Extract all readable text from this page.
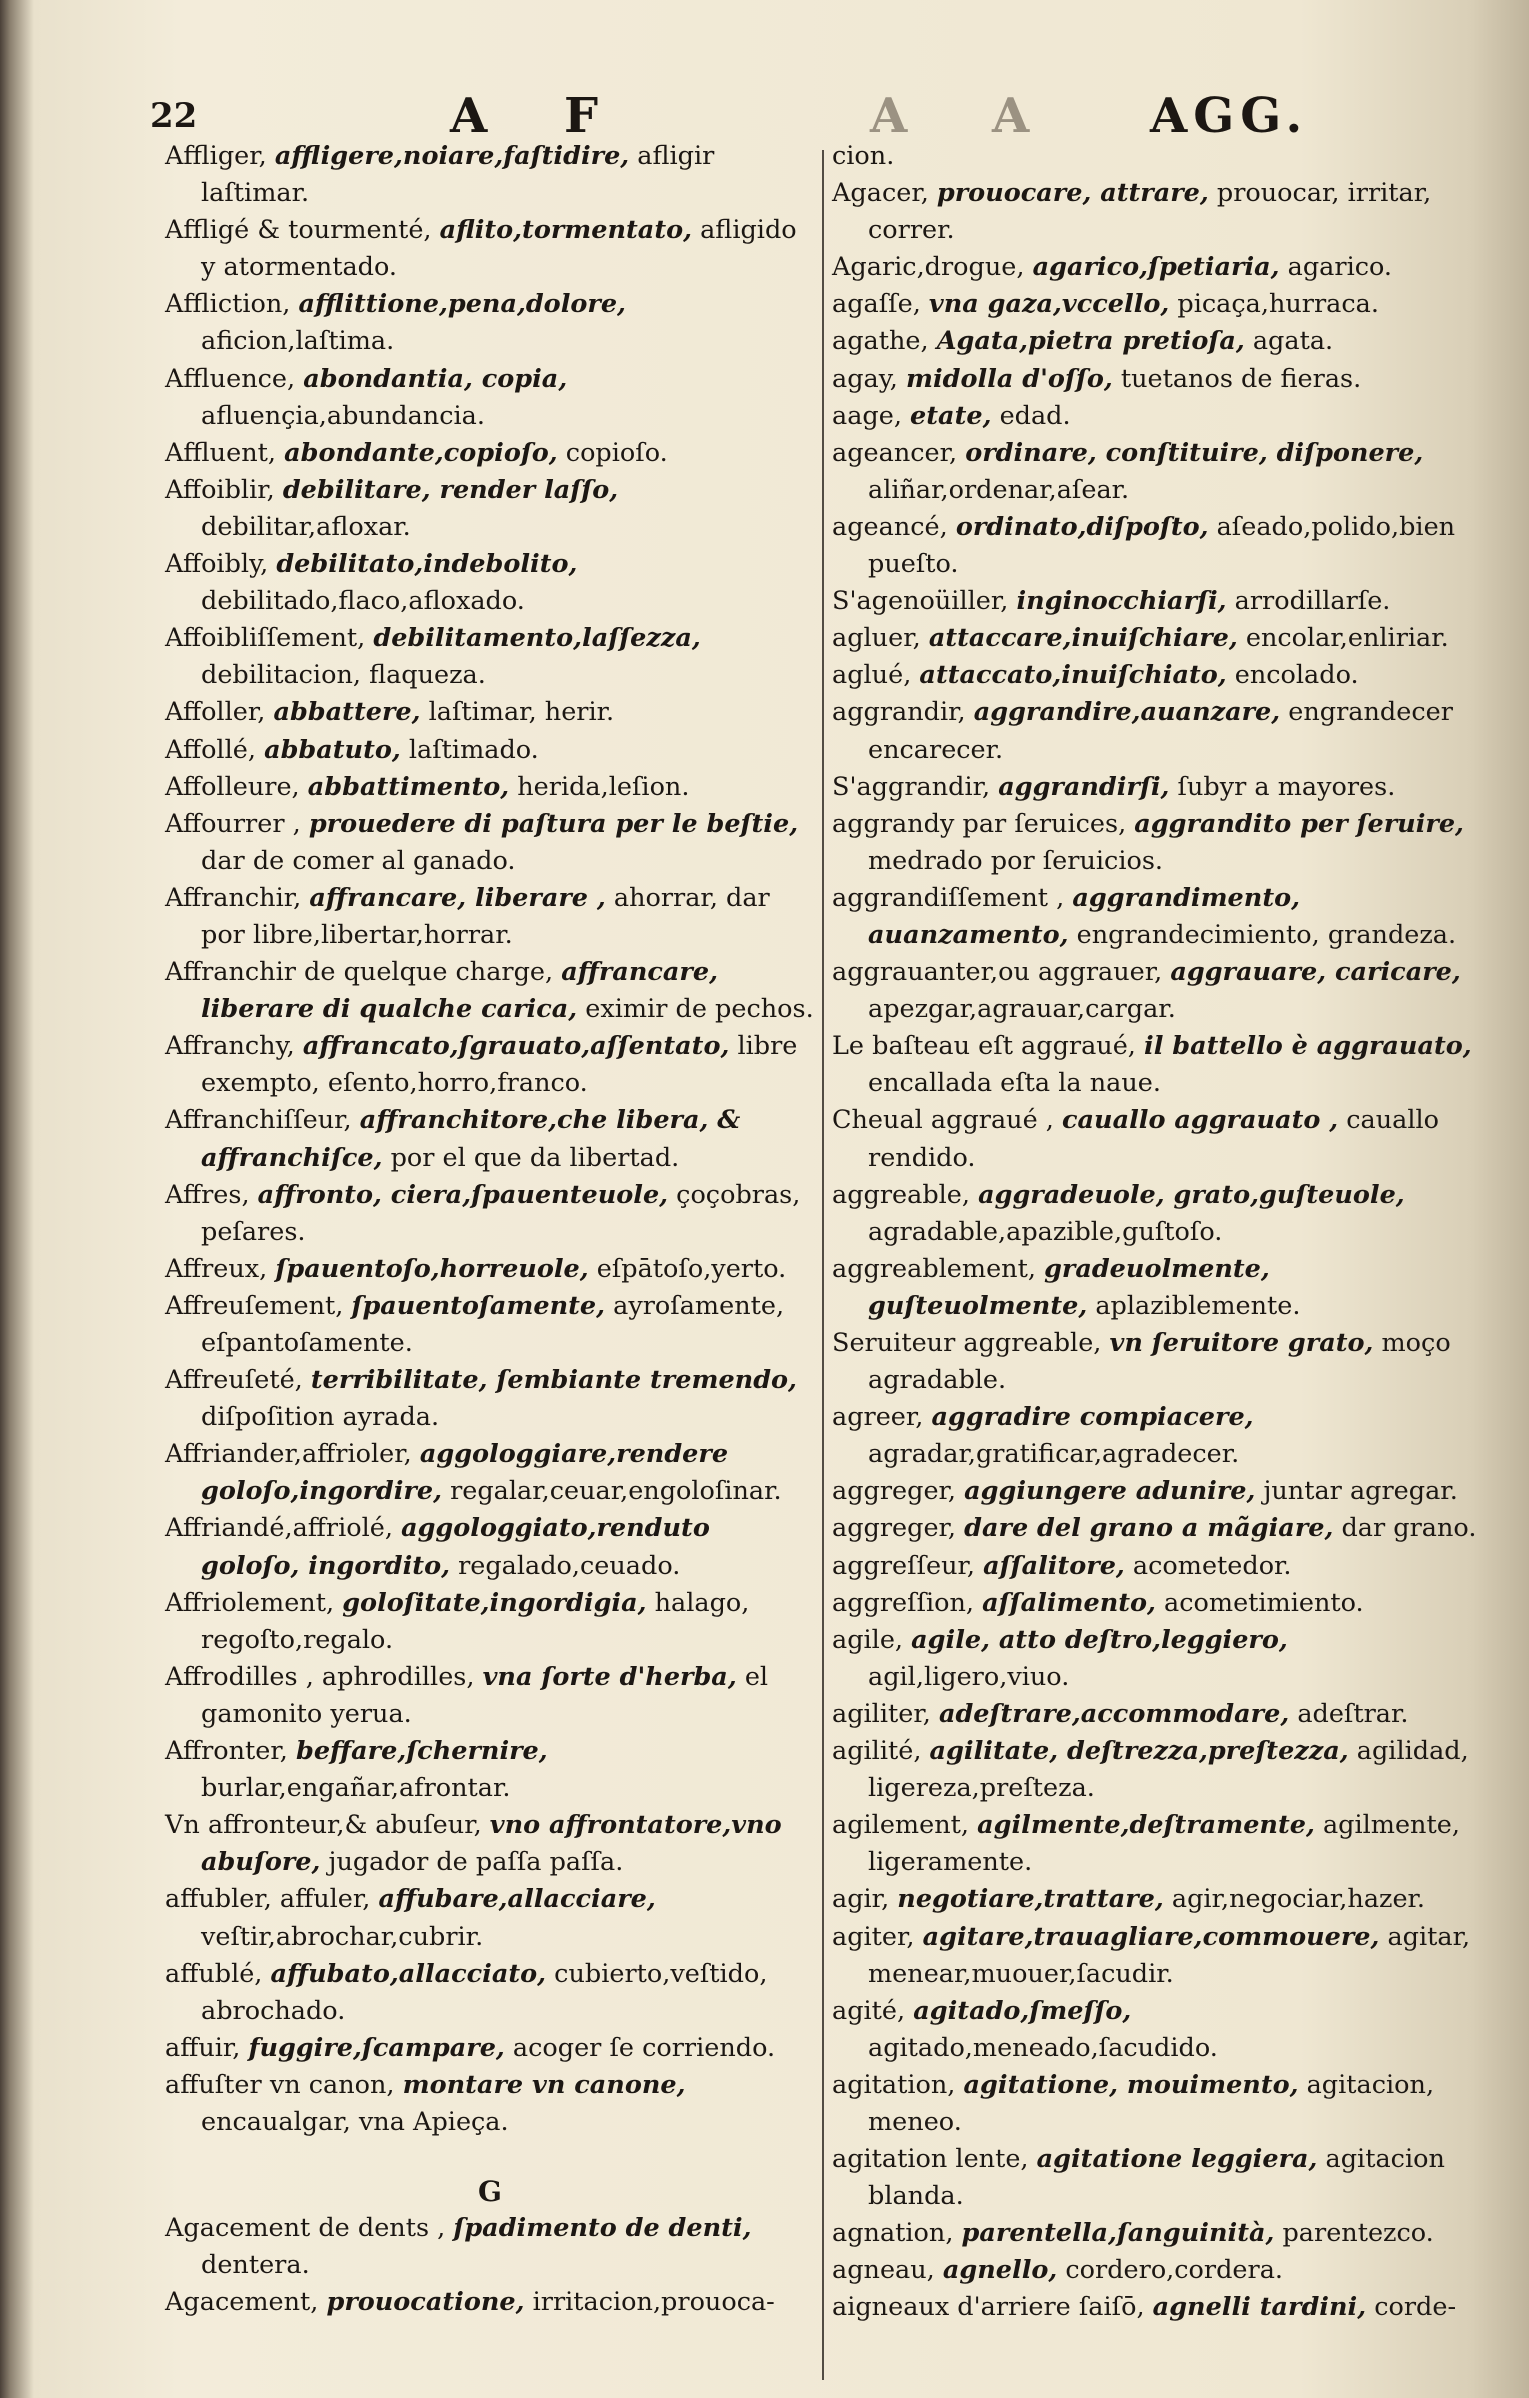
22	A F	A A AGG.

Affliger, affligere,noiare,faſtidire, afligir laſtimar.

Affligé & tourmenté, aflito,tormentato, afligido y atormentado.

Affliction, afflittione,pena,dolore, aficion,laſtima.

Affluence, abondantia, copia, afluençia,abundancia.

Affluent, abondante,copioſo, copioſo.

Affoiblir, debilitare, render laſſo, debilitar,afloxar.

Affoibly, debilitato,indebolito, debilitado,flaco,afloxado.

Affoibliſſement, debilitamento,laſſezza, debilitacion, flaqueza.

Affoller, abbattere, laſtimar, herir.

Affollé, abbatuto, laſtimado.

Affolleure, abbattimento, herida,leſion.

Affourrer , prouedere di paſtura per le beſtie, dar de comer al ganado.

Affranchir, affrancare, liberare , ahorrar, dar por libre,libertar,horrar.

Affranchir de quelque charge, affrancare, liberare di qualche carica, eximir de pechos.

Affranchy, affrancato,ſgrauato,aſſentato, libre exempto, eſento,horro,franco.

Affranchiſſeur, affranchitore,che libera, & affranchiſce, por el que da libertad.

Affres, affronto, ciera,ſpauenteuole, çoçobras, peſares.

Affreux, ſpauentoſo,horreuole, eſpātoſo,yerto.

Affreuſement, ſpauentoſamente, ayroſamente, eſpantoſamente.

Affreuſeté, terribilitate, ſembiante tremendo, diſpoſition ayrada.

Affriander,affrioler, aggologgiare,rendere goloſo,ingordire, regalar,ceuar,engoloſinar.

Affriandé,affriolé, aggologgiato,renduto goloſo, ingordito, regalado,ceuado.

Affriolement, goloſitate,ingordigia, halago, regoſto,regalo.

Affrodilles , aphrodilles, vna ſorte d'herba, el gamonito yerua.

Affronter, beffare,ſchernire, burlar,engañar,afrontar.

Vn affronteur,& abuſeur, vno affrontatore,vno abuſore, jugador de paſſa paſſa.

affubler, affuler, affubare,allacciare, veſtir,abrochar,cubrir.

affublé, affubato,allacciato, cubierto,veſtido, abrochado.

affuir, fuggire,ſcampare, acoger ſe corriendo.

affuſter vn canon, montare vn canone, encaualgar, vna Apieça.

G

Agacement de dents , ſpadimento de denti, dentera.

Agacement, prouocatione, irritacion,prouoca-

cion.

Agacer, prouocare, attrare, prouocar, irritar, correr.

Agaric,drogue, agarico,ſpetiaria, agarico.

agaſſe, vna gaza,vccello, picaça,hurraca.

agathe, Agata,pietra pretioſa, agata.

agay, midolla d'oſſo, tuetanos de fieras.

aage, etate, edad.

ageancer, ordinare, conſtituire, diſponere, aliñar,ordenar,aſear.

ageancé, ordinato,diſpoſto, aſeado,polido,bien pueſto.

S'agenoüiller, inginocchiarſi, arrodillarſe.

agluer, attaccare,inuiſchiare, encolar,enliriar.

aglué, attaccato,inuiſchiato, encolado.

aggrandir, aggrandire,auanzare, engrandecer encarecer.

S'aggrandir, aggrandirſi, ſubyr a mayores.

aggrandy par ſeruices, aggrandito per ſeruire, medrado por ſeruicios.

aggrandiſſement , aggrandimento, auanzamento, engrandecimiento, grandeza.

aggrauanter,ou aggrauer, aggrauare, caricare, apezgar,agrauar,cargar.

Le baſteau eſt aggraué, il battello è aggrauato, encallada eſta la naue.

Cheual aggraué , cauallo aggrauato , cauallo rendido.

aggreable, aggradeuole, grato,guſteuole, agradable,apazible,guſtoſo.

aggreablement, gradeuolmente, guſteuolmente, aplaziblemente.

Seruiteur aggreable, vn ſeruitore grato, moço agradable.

agreer, aggradire compiacere, agradar,gratificar,agradecer.

aggreger, aggiungere adunire, juntar agregar.

aggreger, dare del grano a mãgiare, dar grano.

aggreſſeur, aſſalitore, acometedor.

aggreſſion, aſſalimento, acometimiento.

agile, agile, atto deſtro,leggiero, agil,ligero,viuo.

agiliter, adeſtrare,accommodare, adeſtrar.

agilité, agilitate, deſtrezza,preſtezza, agilidad, ligereza,preſteza.

agilement, agilmente,deſtramente, agilmente, ligeramente.

agir, negotiare,trattare, agir,negociar,hazer.

agiter, agitare,trauagliare,commouere, agitar, menear,muouer,ſacudir.

agité, agitado,ſmeſſo, agitado,meneado,ſacudido.

agitation, agitatione, mouimento, agitacion, meneo.

agitation lente, agitatione leggiera, agitacion blanda.

agnation, parentella,ſanguinità, parentezco.

agneau, agnello, cordero,cordera.

aigneaux d'arriere ſaiſō, agnelli tardini, corde-
